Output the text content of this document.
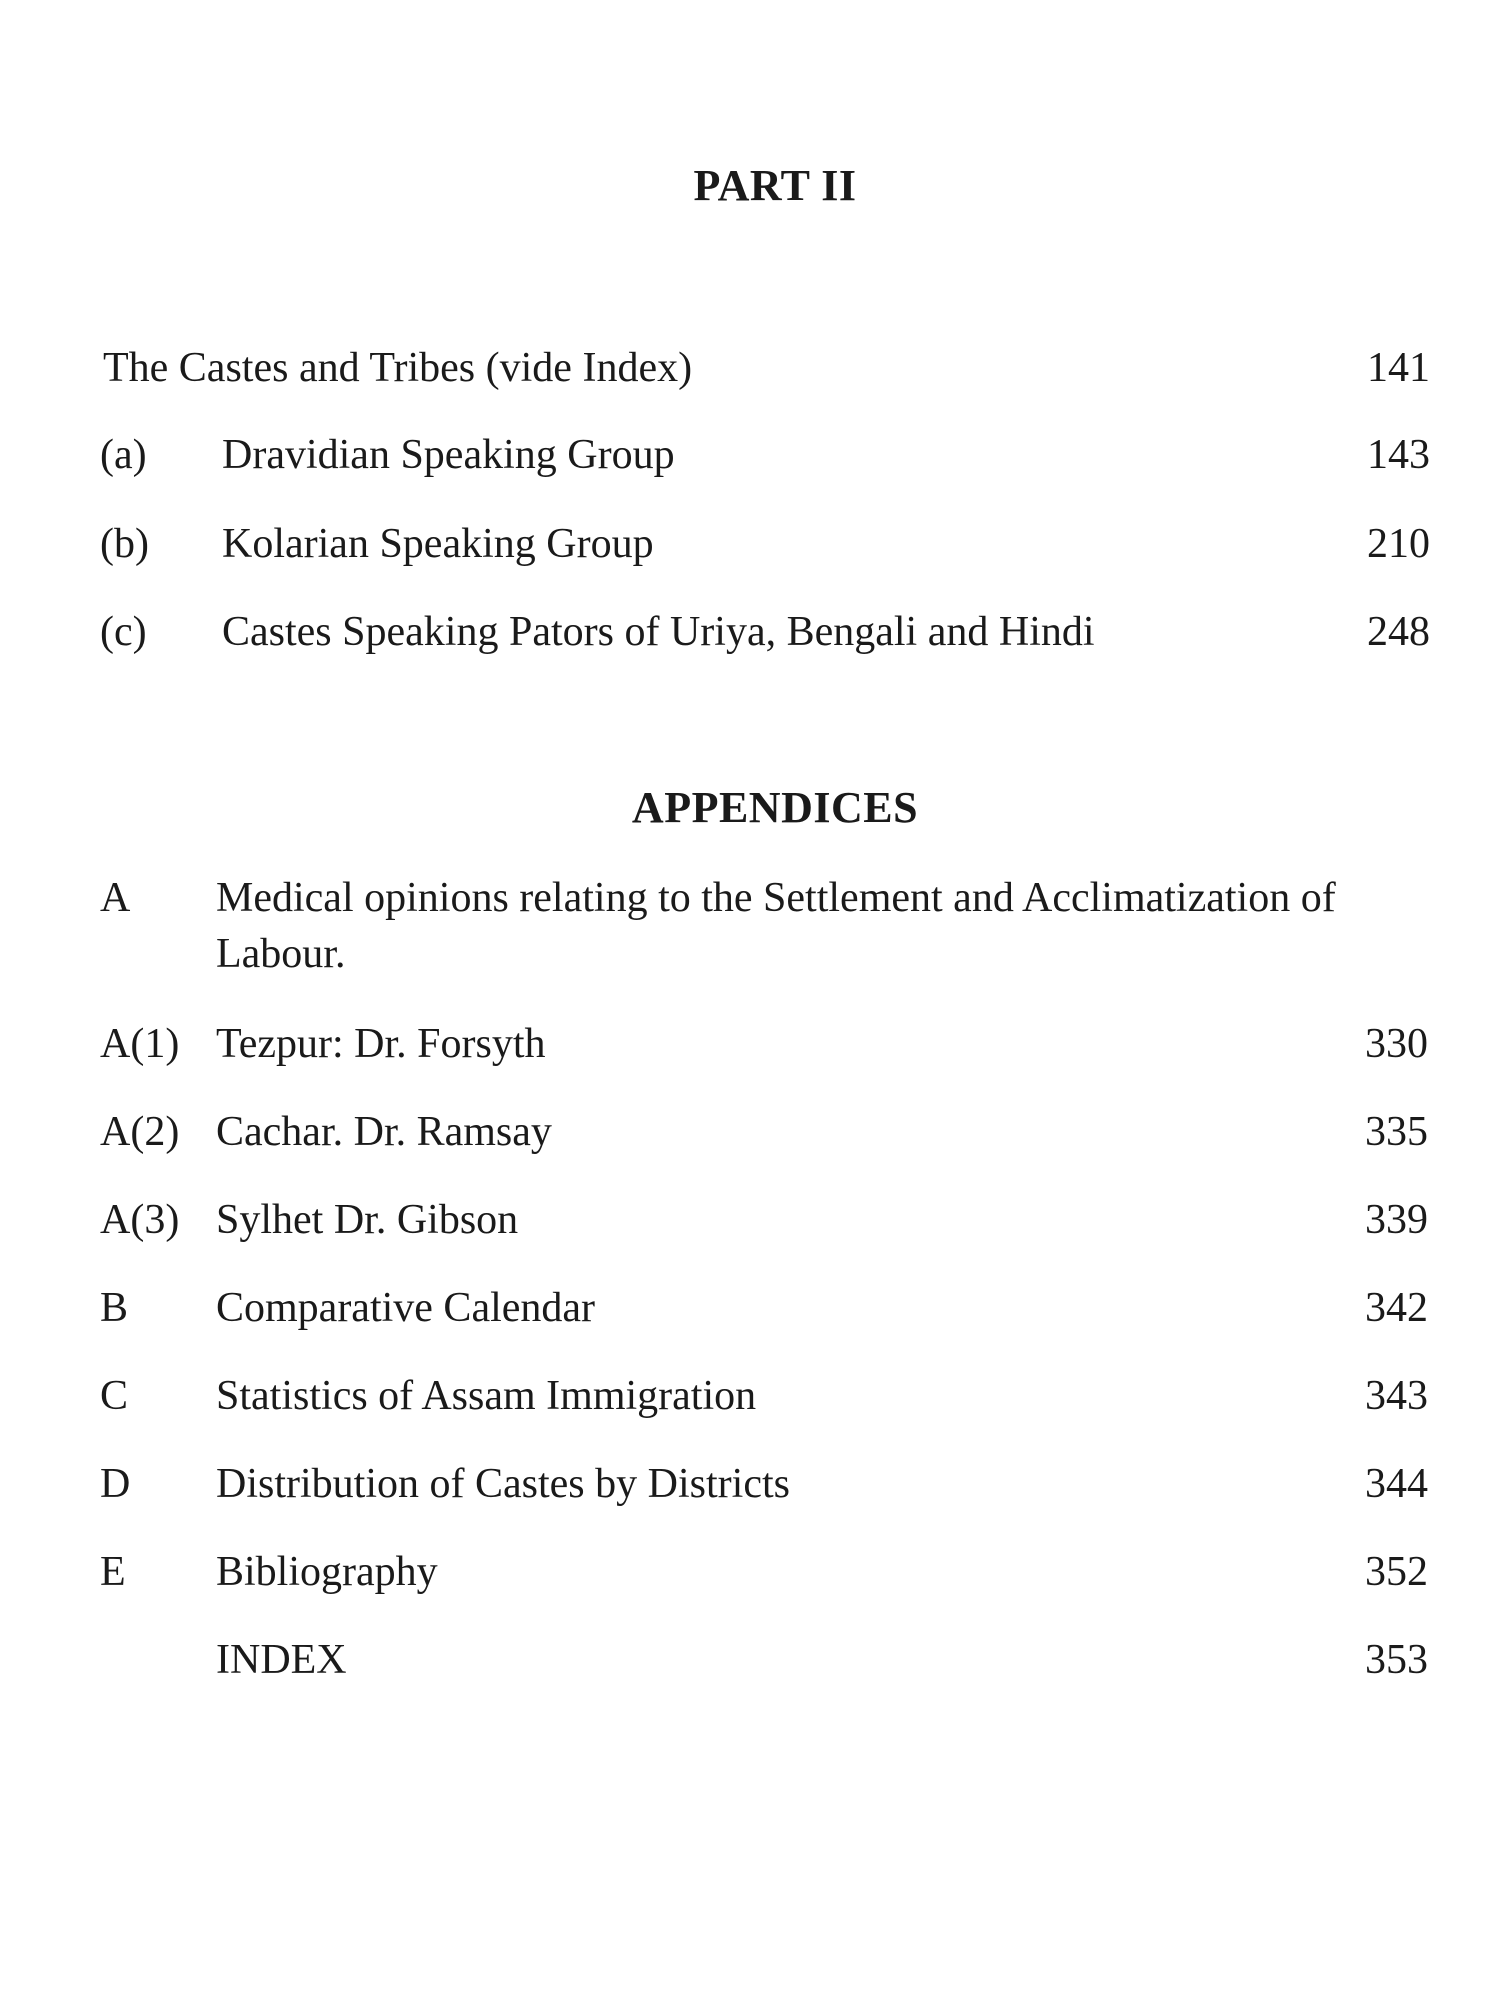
PART II
The Castes and Tribes (vide Index)	141
(a) Dravidian Speaking Group	143
(b) Kolarian Speaking Group	210
(c) Castes Speaking Pators of Uriya, Bengali and Hindi	248
APPENDICES
A Medical opinions relating to the Settlement and Acclimatization of Labour.
A(1) Tezpur: Dr. Forsyth	330
A(2) Cachar. Dr. Ramsay	335
A(3) Sylhet Dr. Gibson	339
B Comparative Calendar	342
C Statistics of Assam Immigration	343
D Distribution of Castes by Districts	344
E Bibliography	352
INDEX	353
